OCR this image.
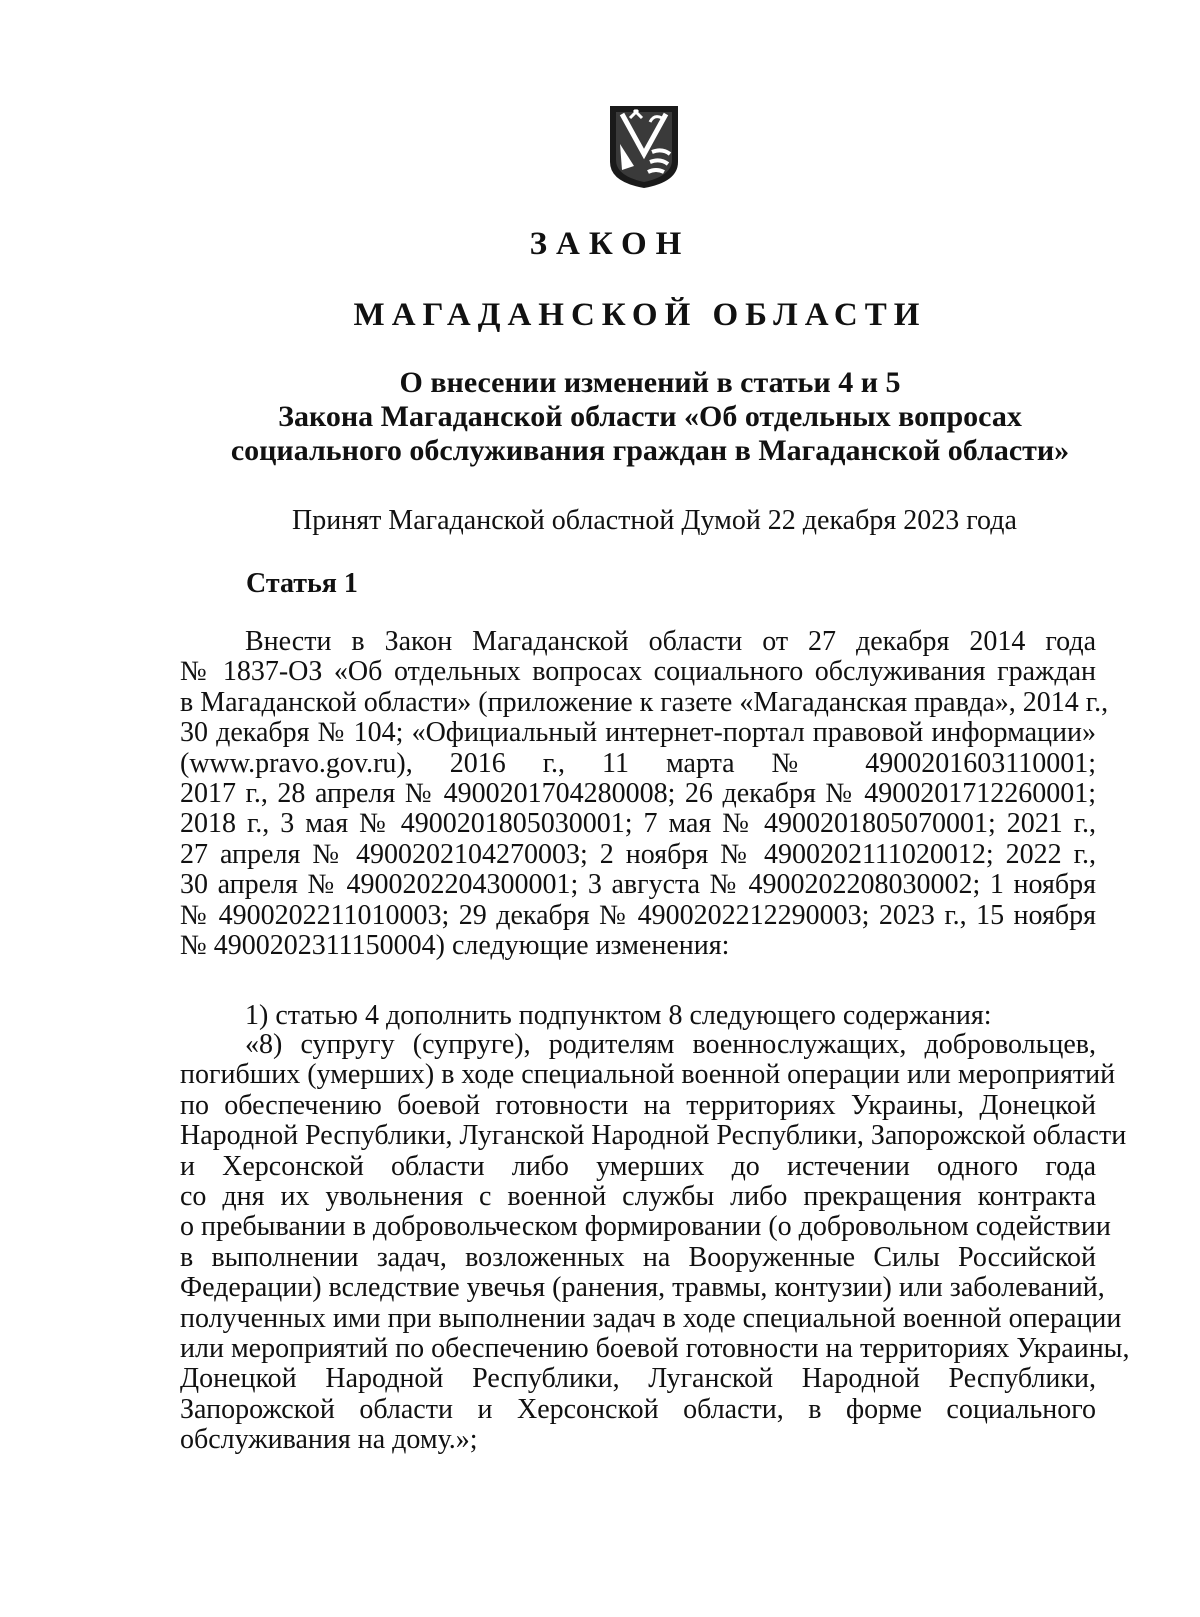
ЗАКОН
МАГАДАНСКОЙ ОБЛАСТИ
О внесении изменений в статьи 4 и 5
Закона Магаданской области «Об отдельных вопросах
социального обслуживания граждан в Магаданской области»
Принят Магаданской областной Думой 22 декабря 2023 года
Статья 1
Внести в Закон Магаданской области от 27 декабря 2014 года
№ 1837-ОЗ «Об отдельных вопросах социального обслуживания граждан
в Магаданской области» (приложение к газете «Магаданская правда», 2014 г.,
30 декабря № 104; «Официальный интернет-портал правовой информации»
(www.pravo.gov.ru), 2016 г., 11 марта № 4900201603110001;
2017 г., 28 апреля № 4900201704280008; 26 декабря № 4900201712260001;
2018 г., 3 мая № 4900201805030001; 7 мая № 4900201805070001; 2021 г.,
27 апреля № 4900202104270003; 2 ноября № 4900202111020012; 2022 г.,
30 апреля № 4900202204300001; 3 августа № 4900202208030002; 1 ноября
№ 4900202211010003; 29 декабря № 4900202212290003; 2023 г., 15 ноября
№ 4900202311150004) следующие изменения:
1) статью 4 дополнить подпунктом 8 следующего содержания:
«8) супругу (супруге), родителям военнослужащих, добровольцев,
погибших (умерших) в ходе специальной военной операции или мероприятий
по обеспечению боевой готовности на территориях Украины, Донецкой
Народной Республики, Луганской Народной Республики, Запорожской области
и Херсонской области либо умерших до истечении одного года
со дня их увольнения с военной службы либо прекращения контракта
о пребывании в добровольческом формировании (о добровольном содействии
в выполнении задач, возложенных на Вооруженные Силы Российской
Федерации) вследствие увечья (ранения, травмы, контузии) или заболеваний,
полученных ими при выполнении задач в ходе специальной военной операции
или мероприятий по обеспечению боевой готовности на территориях Украины,
Донецкой Народной Республики, Луганской Народной Республики,
Запорожской области и Херсонской области, в форме социального
обслуживания на дому.»;
